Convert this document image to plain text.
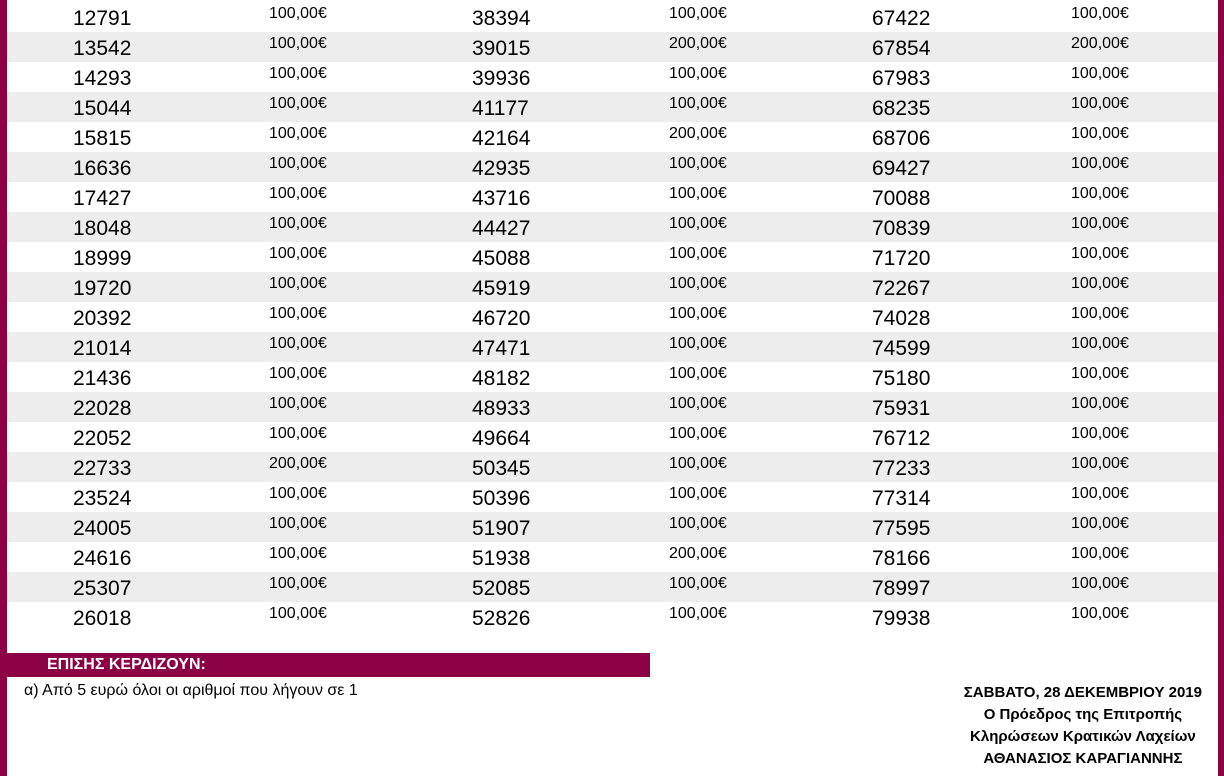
12791	100,00€	38394	100,00€	67422	100,00€
13542	100,00€	39015	200,00€	67854	200,00€
14293	100,00€	39936	100,00€	67983	100,00€
15044	100,00€	41177	100,00€	68235	100,00€
15815	100,00€	42164	200,00€	68706	100,00€
16636	100,00€	42935	100,00€	69427	100,00€
17427	100,00€	43716	100,00€	70088	100,00€
18048	100,00€	44427	100,00€	70839	100,00€
18999	100,00€	45088	100,00€	71720	100,00€
19720	100,00€	45919	100,00€	72267	100,00€
20392	100,00€	46720	100,00€	74028	100,00€
21014	100,00€	47471	100,00€	74599	100,00€
21436	100,00€	48182	100,00€	75180	100,00€
22028	100,00€	48933	100,00€	75931	100,00€
22052	100,00€	49664	100,00€	76712	100,00€
22733	200,00€	50345	100,00€	77233	100,00€
23524	100,00€	50396	100,00€	77314	100,00€
24005	100,00€	51907	100,00€	77595	100,00€
24616	100,00€	51938	200,00€	78166	100,00€
25307	100,00€	52085	100,00€	78997	100,00€
26018	100,00€	52826	100,00€	79938	100,00€
ΕΠΙΣΗΣ ΚΕΡΔΙΖΟΥΝ:
α) Από 5 ευρώ όλοι οι αριθμοί που λήγουν σε 1	ΣΑΒΒΑΤΟ, 28 ΔΕΚΕΜΒΡΙΟΥ 2019
Ο Πρόεδρος της Επιτροπής
Κληρώσεων Κρατικών Λαχείων
ΑΘΑΝΑΣΙΟΣ ΚΑΡΑΓΙΑΝΝΗΣ
